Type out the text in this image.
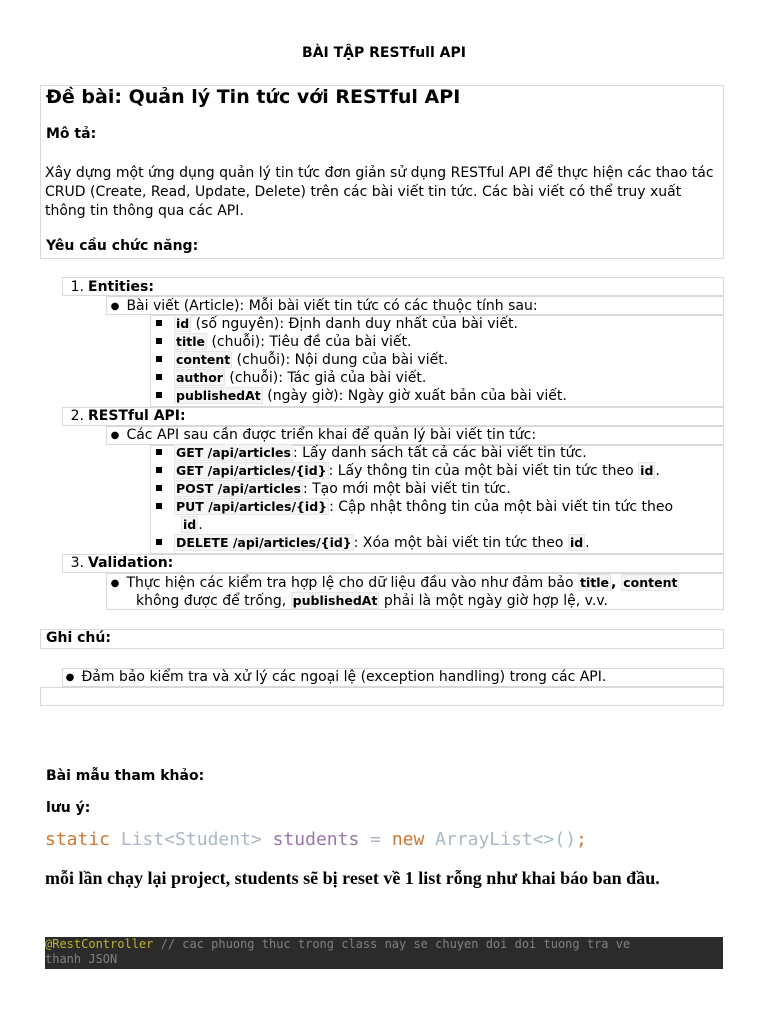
BÀI TẬP RESTfull API
Đề bài: Quản lý Tin tức với RESTful API
Mô tả:
Xây dựng một ứng dụng quản lý tin tức đơn giản sử dụng RESTful API để thực hiện các thao tác CRUD (Create, Read, Update, Delete) trên các bài viết tin tức. Các bài viết có thể truy xuất thông tin thông qua các API.
Yêu cầu chức năng:
1. Entities:
● Bài viết (Article): Mỗi bài viết tin tức có các thuộc tính sau:
id (số nguyên): Định danh duy nhất của bài viết.
title (chuỗi): Tiêu đề của bài viết.
content (chuỗi): Nội dung của bài viết.
author (chuỗi): Tác giả của bài viết.
publishedAt (ngày giờ): Ngày giờ xuất bản của bài viết.
2. RESTful API:
● Các API sau cần được triển khai để quản lý bài viết tin tức:
GET /api/articles : Lấy danh sách tất cả các bài viết tin tức.
GET /api/articles/{id} : Lấy thông tin của một bài viết tin tức theo id .
POST /api/articles : Tạo mới một bài viết tin tức.
PUT /api/articles/{id} : Cập nhật thông tin của một bài viết tin tức theo
id .
DELETE /api/articles/{id} : Xóa một bài viết tin tức theo id .
3. Validation:
● Thực hiện các kiểm tra hợp lệ cho dữ liệu đầu vào như đảm bảo title , content
không được để trống, publishedAt phải là một ngày giờ hợp lệ, v.v.
Ghi chú:
● Đảm bảo kiểm tra và xử lý các ngoại lệ (exception handling) trong các API.
Bài mẫu tham khảo:
lưu ý:
static List<Student> students = new ArrayList<>();
mỗi lần chạy lại project, students sẽ bị reset về 1 list rỗng như khai báo ban đầu.
@RestController // cac phuong thuc trong class nay se chuyen doi doi tuong tra ve
thanh JSON
